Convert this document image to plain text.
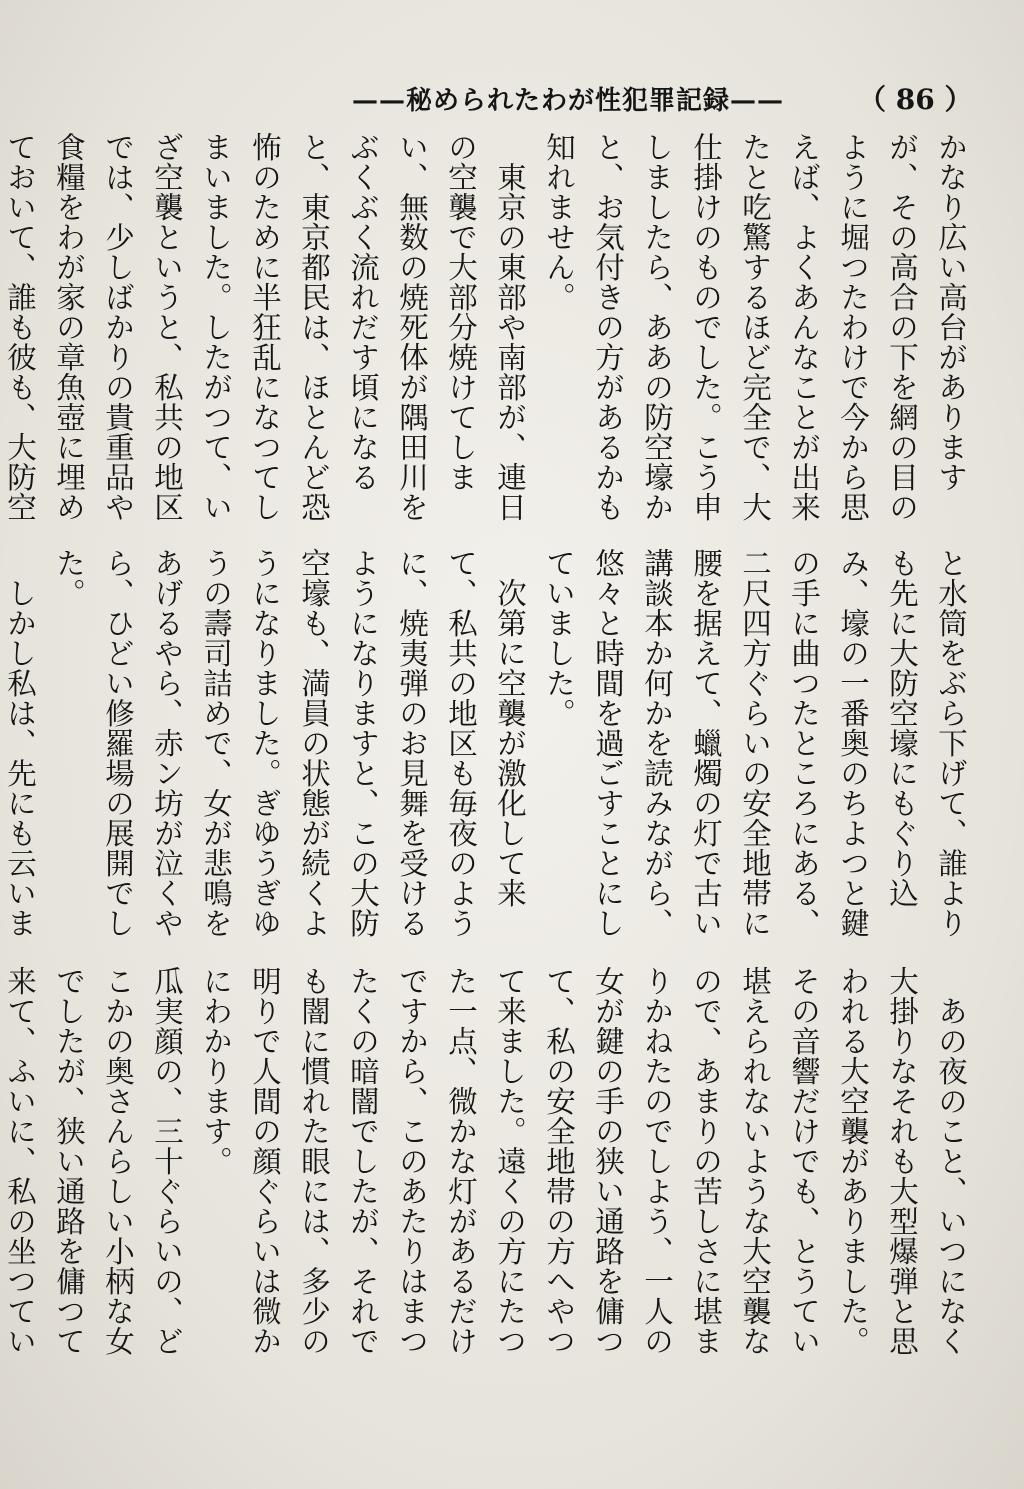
——秘められたわが性犯罪記録——	（ 86 ）

かなり広い高台がありますが、その高合の下を網の目のように堀つたわけで今から思えば、よくあんなことが出来たと吃驚するほど完全で、大仕掛けのものでした。こう申しましたら、ああの防空壕かと、お気付きの方があるかも知れません。

東京の東部や南部が、連日の空襲で大部分焼けてしまい、無数の焼死体が隅田川をぶくぶく流れだす頃になると、東京都民は、ほとんど恐怖のために半狂乱になつてしまいました。したがつて、いざ空襲というと、私共の地区では、少しばかりの貴重品や食糧をわが家の章魚壺に埋めておいて、誰も彼も、大防空

と水筒をぶら下げて、誰よりも先に大防空壕にもぐり込み、壕の一番奥のちよつと鍵の手に曲つたところにある、二尺四方ぐらいの安全地帯に腰を据えて、蠟燭の灯で古い講談本か何かを読みながら、悠々と時間を過ごすことにしていました。

次第に空襲が激化して来て、私共の地区も毎夜のように、焼夷弾のお見舞を受けるようになりますと、この大防空壕も、満員の状態が続くようになりました。ぎゆうぎゆうの壽司詰めで、女が悲鳴をあげるやら、赤ン坊が泣くやら、ひどい修羅場の展開でした。

しかし私は、先にも云いま

あの夜のこと、いつになく大掛りなそれも大型爆弾と思われる大空襲がありました。その音響だけでも、とうてい堪えられないような大空襲なので、あまりの苦しさに堪まりかねたのでしよう、一人の女が鍵の手の狭い通路を傭つて、私の安全地帯の方へやつて来ました。遠くの方にたつた一点、微かな灯があるだけですから、このあたりはまつたくの暗闇でしたが、それでも闇に慣れた眼には、多少の明りで人間の顔ぐらいは微かにわかります。

瓜実顔の、三十ぐらいの、どこかの奥さんらしい小柄な女でしたが、狭い通路を傭つて来て、ふいに、私の坐つてい
